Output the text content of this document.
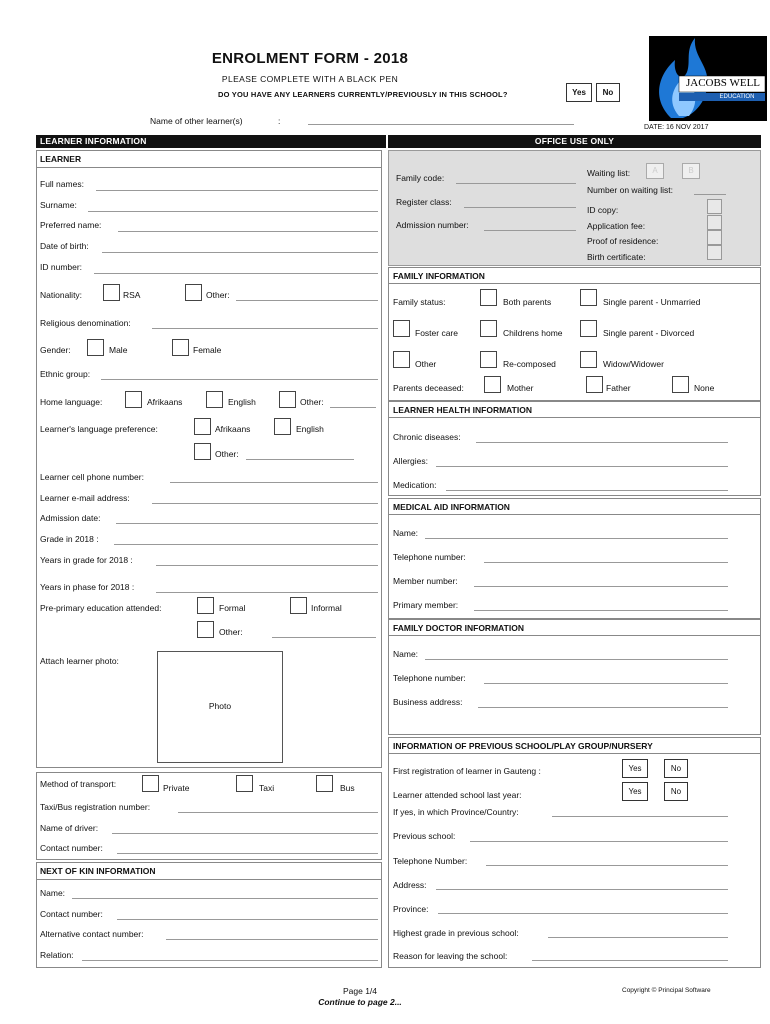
ENROLMENT FORM - 2018
PLEASE COMPLETE WITH A BLACK PEN
DO YOU HAVE ANY LEARNERS CURRENTLY/PREVIOUSLY IN THIS SCHOOL?	Yes	No
JACOBS WELL
EDUCATION
Name of other learner(s)	:
DATE: 16 NOV 2017
LEARNER INFORMATION
LEARNER
Full names:
Surname:
Preferred name:
Date of birth:
ID number:
Nationality:	RSA	Other:
Religious denomination:
Gender:	Male	Female
Ethnic group:
Home language:	Afrikaans	English	Other:
Learner's language preference:	Afrikaans	English
Other:
Learner cell phone number:
Learner e-mail address:
Admission date:
Grade in 2018 :
Years in grade for 2018 :
Years in phase for 2018 :
Pre-primary education attended:	Formal	Informal
Other:
Attach learner photo:
Photo
Method of transport:	Private	Taxi	Bus
Taxi/Bus registration number:
Name of driver:
Contact number:
NEXT OF KIN INFORMATION
Name:
Contact number:
Alternative contact number:
Relation:
OFFICE USE ONLY
Family code:
Register class:
Admission number:
Waiting list:	A	B
Number on waiting list:
ID copy:
Application fee:
Proof of residence:
Birth certificate:
FAMILY INFORMATION
Family status:	Both parents	Single parent - Unmarried
Foster care	Childrens home	Single parent - Divorced
Other	Re-composed	Widow/Widower
Parents deceased:	Mother	Father	None
LEARNER HEALTH INFORMATION
Chronic diseases:
Allergies:
Medication:
MEDICAL AID INFORMATION
Name:
Telephone number:
Member number:
Primary member:
FAMILY DOCTOR INFORMATION
Name:
Telephone number:
Business address:
INFORMATION OF PREVIOUS SCHOOL/PLAY GROUP/NURSERY
First registration of learner in Gauteng :	Yes	No
Learner attended school last year:	Yes	No
If yes, in which Province/Country:
Previous school:
Telephone Number:
Address:
Province:
Highest grade in previous school:
Reason for leaving the school:
Page 1/4
Continue to page 2...
Copyright © Principal Software
